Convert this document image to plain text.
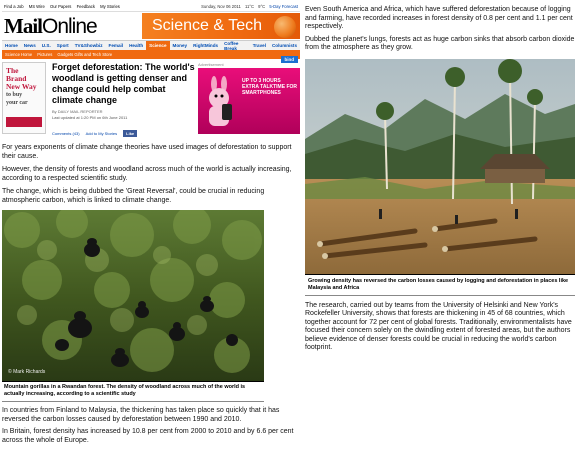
Find a Job MS Wire Our Papers Feedback My Stories	Sunday, Nov 06 2011 11°C 9°C 5-Day Forecast
MailOnline	Science & Tech
Home	News	U.S.	Sport	TV&Showbiz	Femail	Health	Science	Money	RightMinds	Coffee Break	Travel	Columnists
Science Home Pictures Gadgets Gifts and Tech Store
The
Brand
New Way
to buy
your car
Forget deforestation: The world's woodland is getting denser and change could help combat climate change
By DAILY MAIL REPORTER
Last updated at 1:20 PM on 6th June 2011
Comments (43) Add to My Stories	Like
Advertisement
UP TO 3 HOURS EXTRA TALKTIME FOR SMARTPHONES
bind

For years exponents of climate change theories have used images of deforestation to support their cause.

However, the density of forests and woodland across much of the world is actually increasing, according to a respected scientific study.

The change, which is being dubbed the 'Great Reversal', could be crucial in reducing atmospheric carbon, which is linked to climate change.

© Mark Richards
Mountain gorillas in a Rwandan forest. The density of woodland across much of the world is actually increasing, according to a scientific study

In countries from Finland to Malaysia, the thickening has taken place so quickly that it has reversed the carbon losses caused by deforestation between 1990 and 2010.

In Britain, forest density has increased by 10.8 per cent from 2000 to 2010 and by 6.6 per cent across the whole of Europe.

Even South America and Africa, which have suffered deforestation because of logging and farming, have recorded increases in forest density of 0.8 per cent and 1.1 per cent respectively.

Dubbed the planet's lungs, forests act as huge carbon sinks that absorb carbon dioxide from the atmosphere as they grow.

Growing density has reversed the carbon losses caused by logging and deforestation in places like Malaysia and Africa

The research, carried out by teams from the University of Helsinki and New York's Rockefeller University, shows that forests are thickening in 45 of 68 countries, which together account for 72 per cent of global forests. Traditionally, environmentalists have focused their concern solely on the dwindling extent of forested areas, but the authors believe evidence of denser forests could be crucial in reducing the world's carbon footprint.
